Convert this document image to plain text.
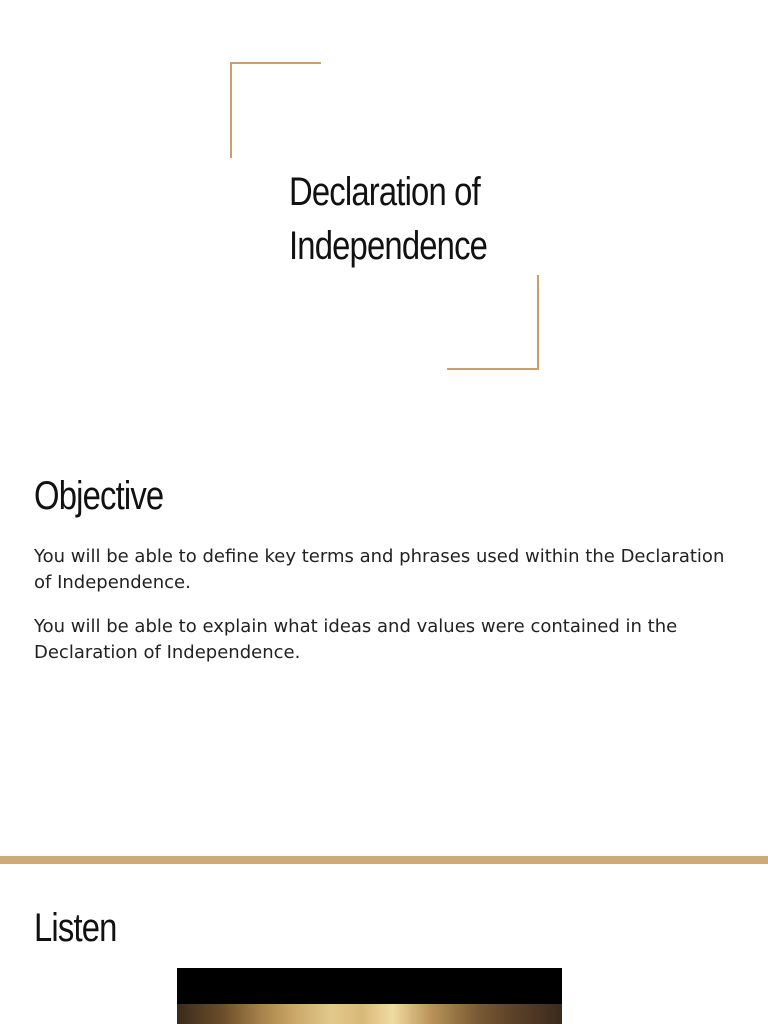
Declaration of
Independence
Objective

You will be able to define key terms and phrases used within the Declaration of Independence.

You will be able to explain what ideas and values were contained in the Declaration of Independence.

Listen
